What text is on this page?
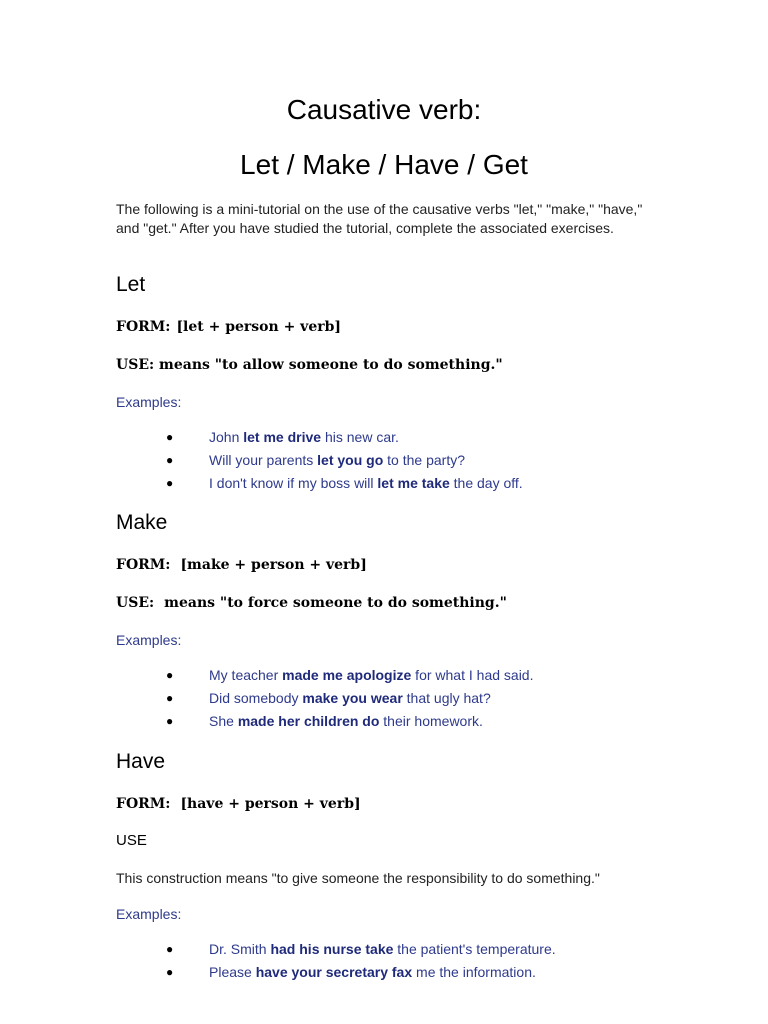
Causative verb:
Let / Make / Have / Get

The following is a mini-tutorial on the use of the causative verbs "let," "make," "have," and "get." After you have studied the tutorial, complete the associated exercises.

Let

FORM: [let + person + verb]

USE: means "to allow someone to do something."

Examples:

●	John let me drive his new car.
●	Will your parents let you go to the party?
●	I don't know if my boss will let me take the day off.
Make

FORM: [make + person + verb]

USE: means "to force someone to do something."

Examples:

●	My teacher made me apologize for what I had said.
●	Did somebody make you wear that ugly hat?
●	She made her children do their homework.
Have

FORM: [have + person + verb]

USE

This construction means "to give someone the responsibility to do something."

Examples:

●	Dr. Smith had his nurse take the patient's temperature.
●	Please have your secretary fax me the information.
